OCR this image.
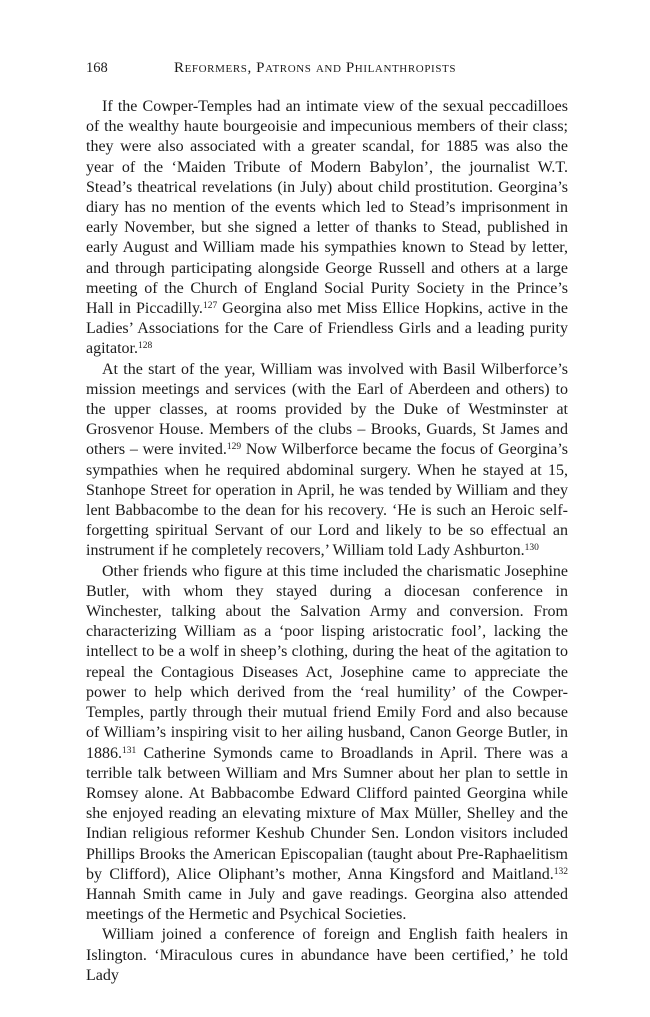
168	Reformers, Patrons and Philanthropists

If the Cowper-Temples had an intimate view of the sexual peccadilloes of the wealthy haute bourgeoisie and impecunious members of their class; they were also associated with a greater scandal, for 1885 was also the year of the ‘Maiden Tribute of Modern Babylon’, the journalist W.T. Stead’s theatrical revelations (in July) about child prostitution. Georgina’s diary has no mention of the events which led to Stead’s imprisonment in early November, but she signed a letter of thanks to Stead, published in early August and William made his sympathies known to Stead by letter, and through participating alongside George Russell and others at a large meeting of the Church of England Social Purity Society in the Prince’s Hall in Piccadilly.$^{127}$ Georgina also met Miss Ellice Hopkins, active in the Ladies’ Associations for the Care of Friendless Girls and a leading purity agitator.$^{128}$

At the start of the year, William was involved with Basil Wilberforce’s mission meetings and services (with the Earl of Aberdeen and others) to the upper classes, at rooms provided by the Duke of Westminster at Grosvenor House. Members of the clubs – Brooks, Guards, St James and others – were invited.$^{129}$ Now Wilberforce became the focus of Georgina’s sympathies when he required abdominal surgery. When he stayed at 15, Stanhope Street for operation in April, he was tended by William and they lent Babbacombe to the dean for his recovery. ‘He is such an Heroic self-forgetting spiritual Servant of our Lord and likely to be so effectual an instrument if he completely recovers,’ William told Lady Ashburton.$^{130}$

Other friends who figure at this time included the charismatic Josephine Butler, with whom they stayed during a diocesan conference in Winchester, talking about the Salvation Army and conversion. From characterizing William as a ‘poor lisping aristocratic fool’, lacking the intellect to be a wolf in sheep’s clothing, during the heat of the agitation to repeal the Contagious Diseases Act, Josephine came to appreciate the power to help which derived from the ‘real humility’ of the Cowper-Temples, partly through their mutual friend Emily Ford and also because of William’s inspiring visit to her ailing husband, Canon George Butler, in 1886.$^{131}$ Catherine Symonds came to Broadlands in April. There was a terrible talk between William and Mrs Sumner about her plan to settle in Romsey alone. At Babbacombe Edward Clifford painted Georgina while she enjoyed reading an elevating mixture of Max Müller, Shelley and the Indian religious reformer Keshub Chunder Sen. London visitors included Phillips Brooks the American Episcopalian (taught about Pre-Raphaelitism by Clifford), Alice Oliphant’s mother, Anna Kingsford and Maitland.$^{132}$ Hannah Smith came in July and gave readings. Georgina also attended meetings of the Hermetic and Psychical Societies.

William joined a conference of foreign and English faith healers in Islington. ‘Miraculous cures in abundance have been certified,’ he told Lady
